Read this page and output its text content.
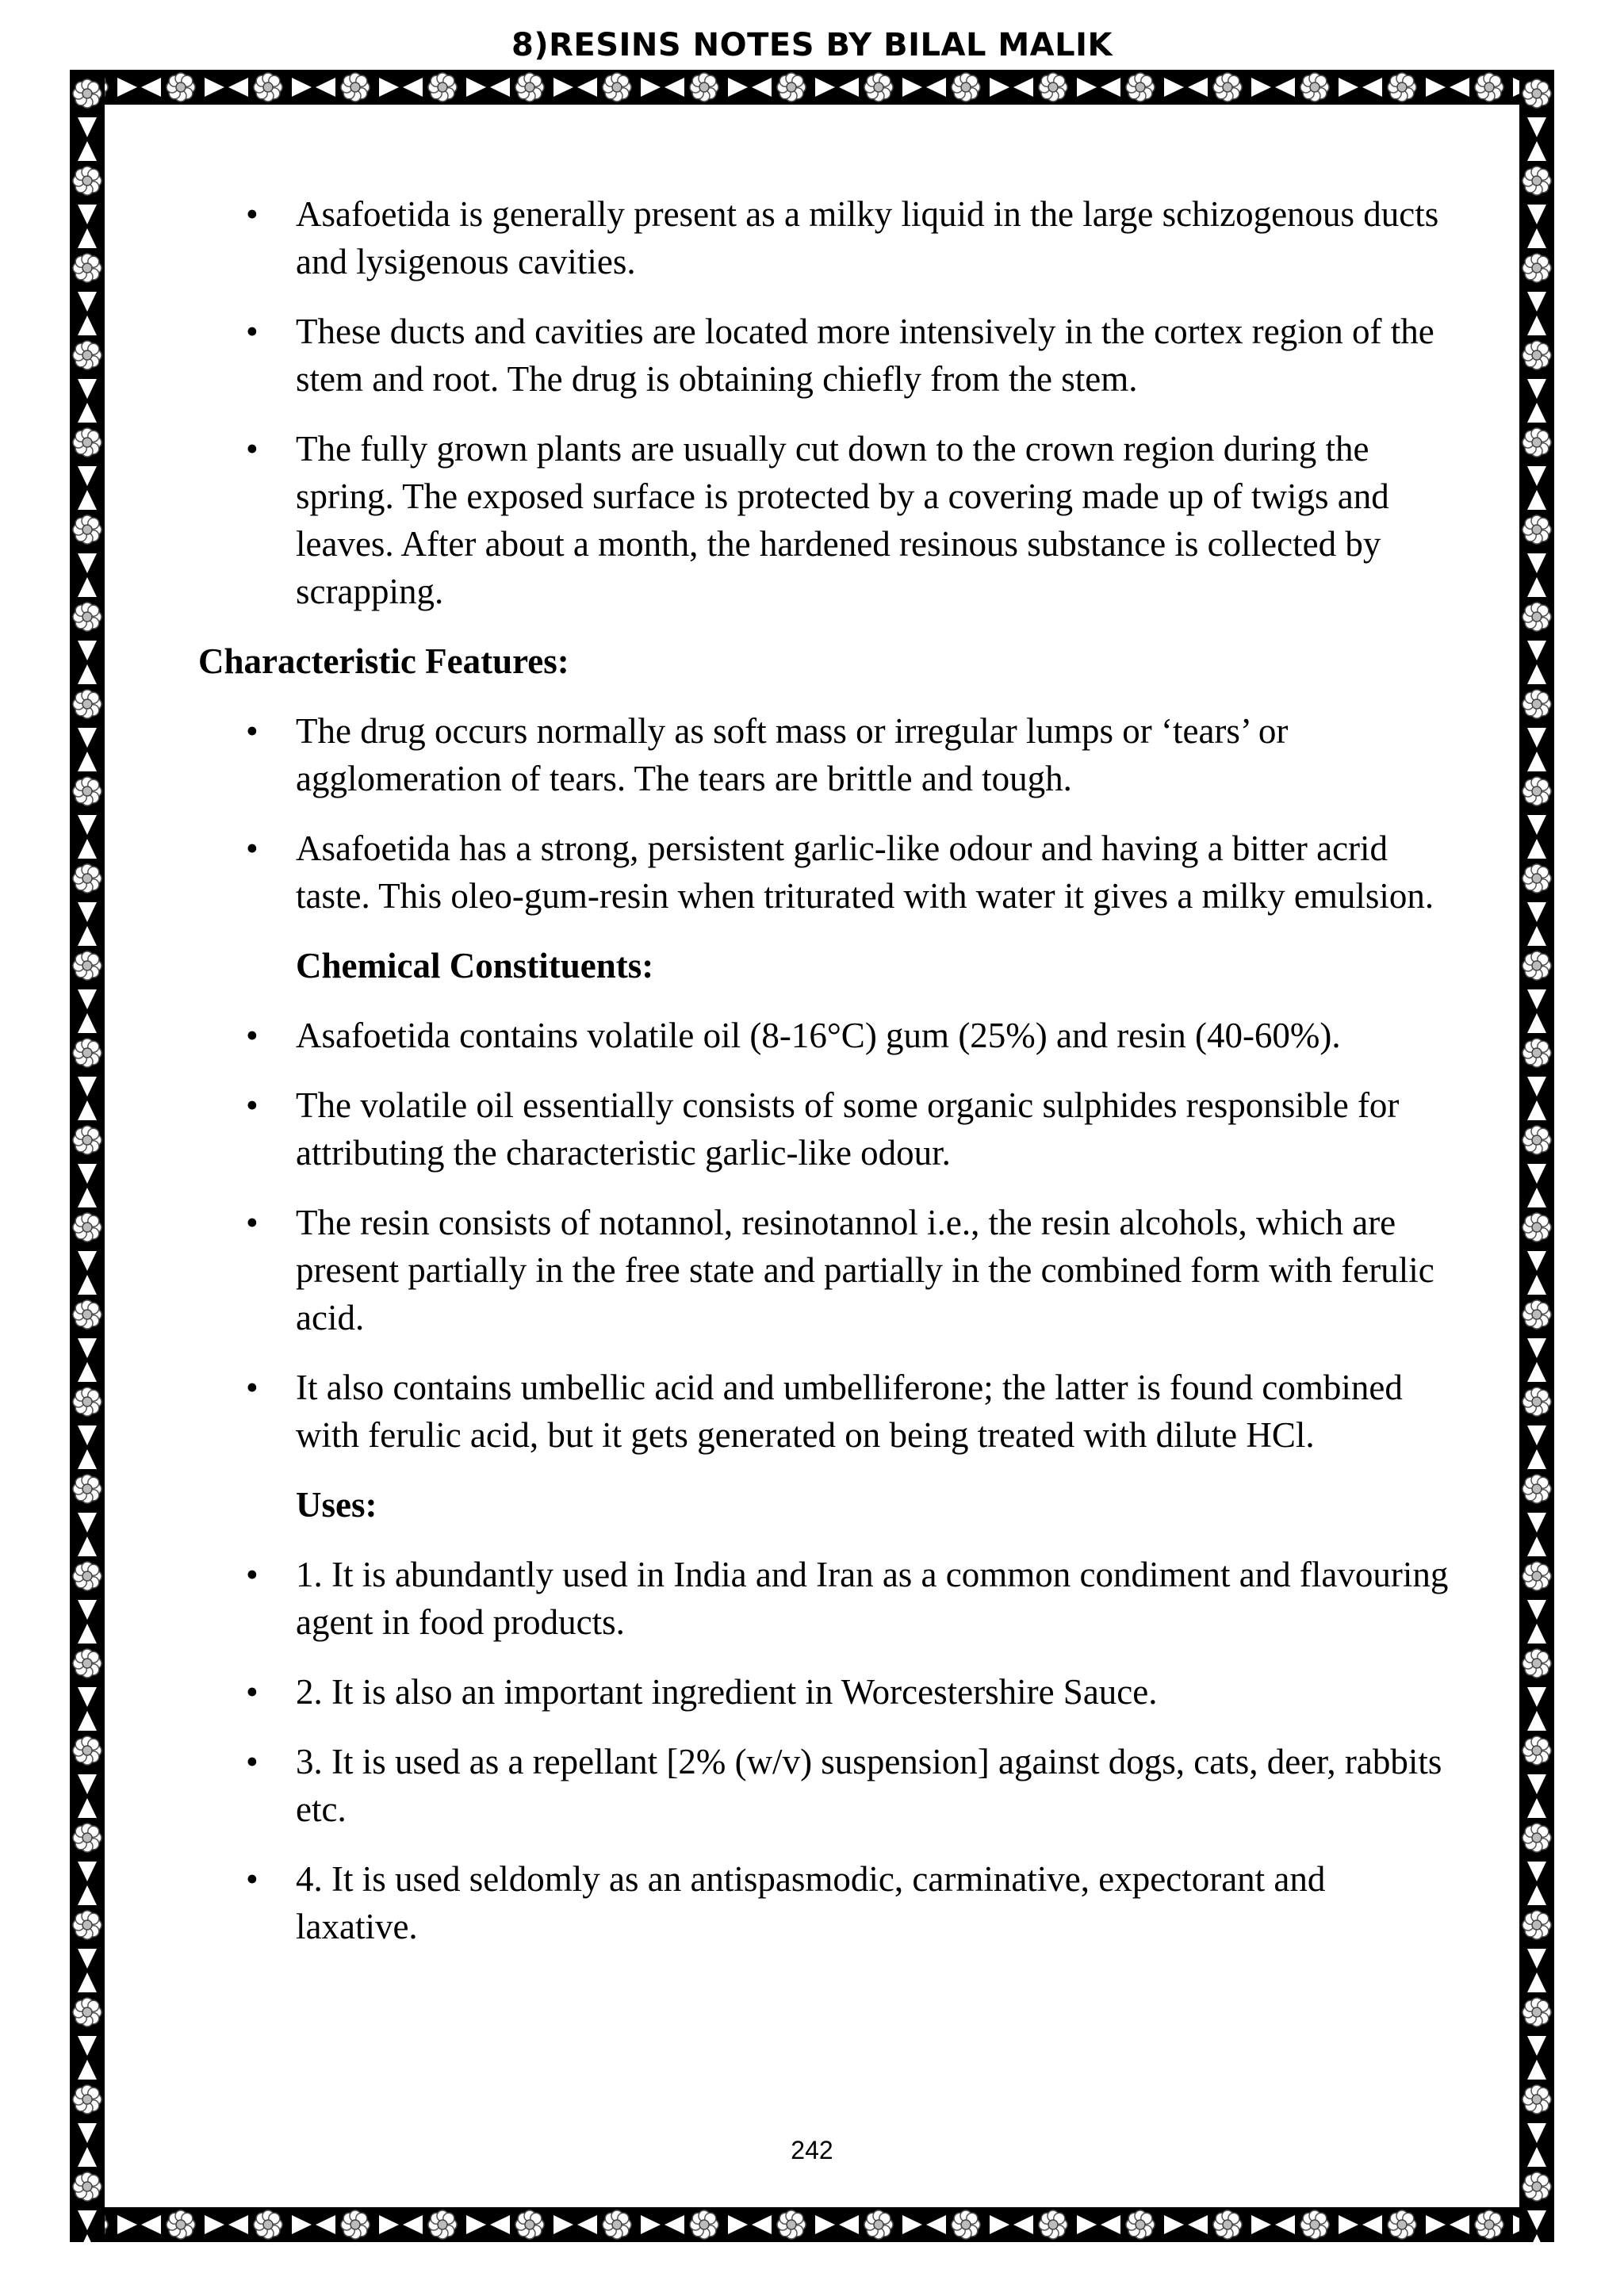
8)RESINS NOTES BY BILAL MALIK
• Asafoetida is generally present as a milky liquid in the large schizogenous ducts and lysigenous cavities.
• These ducts and cavities are located more intensively in the cortex region of the stem and root. The drug is obtaining chiefly from the stem.
• The fully grown plants are usually cut down to the crown region during the spring. The exposed surface is protected by a covering made up of twigs and leaves. After about a month, the hardened resinous substance is collected by scrapping.
Characteristic Features:
• The drug occurs normally as soft mass or irregular lumps or ‘tears’ or agglomeration of tears. The tears are brittle and tough.
• Asafoetida has a strong, persistent garlic-like odour and having a bitter acrid taste. This oleo-gum-resin when triturated with water it gives a milky emulsion.
Chemical Constituents:
• Asafoetida contains volatile oil (8-16°C) gum (25%) and resin (40-60%).
• The volatile oil essentially consists of some organic sulphides responsible for attributing the characteristic garlic-like odour.
• The resin consists of notannol, resinotannol i.e., the resin alcohols, which are present partially in the free state and partially in the combined form with ferulic acid.
• It also contains umbellic acid and umbelliferone; the latter is found combined with ferulic acid, but it gets generated on being treated with dilute HCl.
Uses:
• 1. It is abundantly used in India and Iran as a common condiment and flavouring agent in food products.
• 2. It is also an important ingredient in Worcestershire Sauce.
• 3. It is used as a repellant [2% (w/v) suspension] against dogs, cats, deer, rabbits etc.
• 4. It is used seldomly as an antispasmodic, carminative, expectorant and laxative.
242
